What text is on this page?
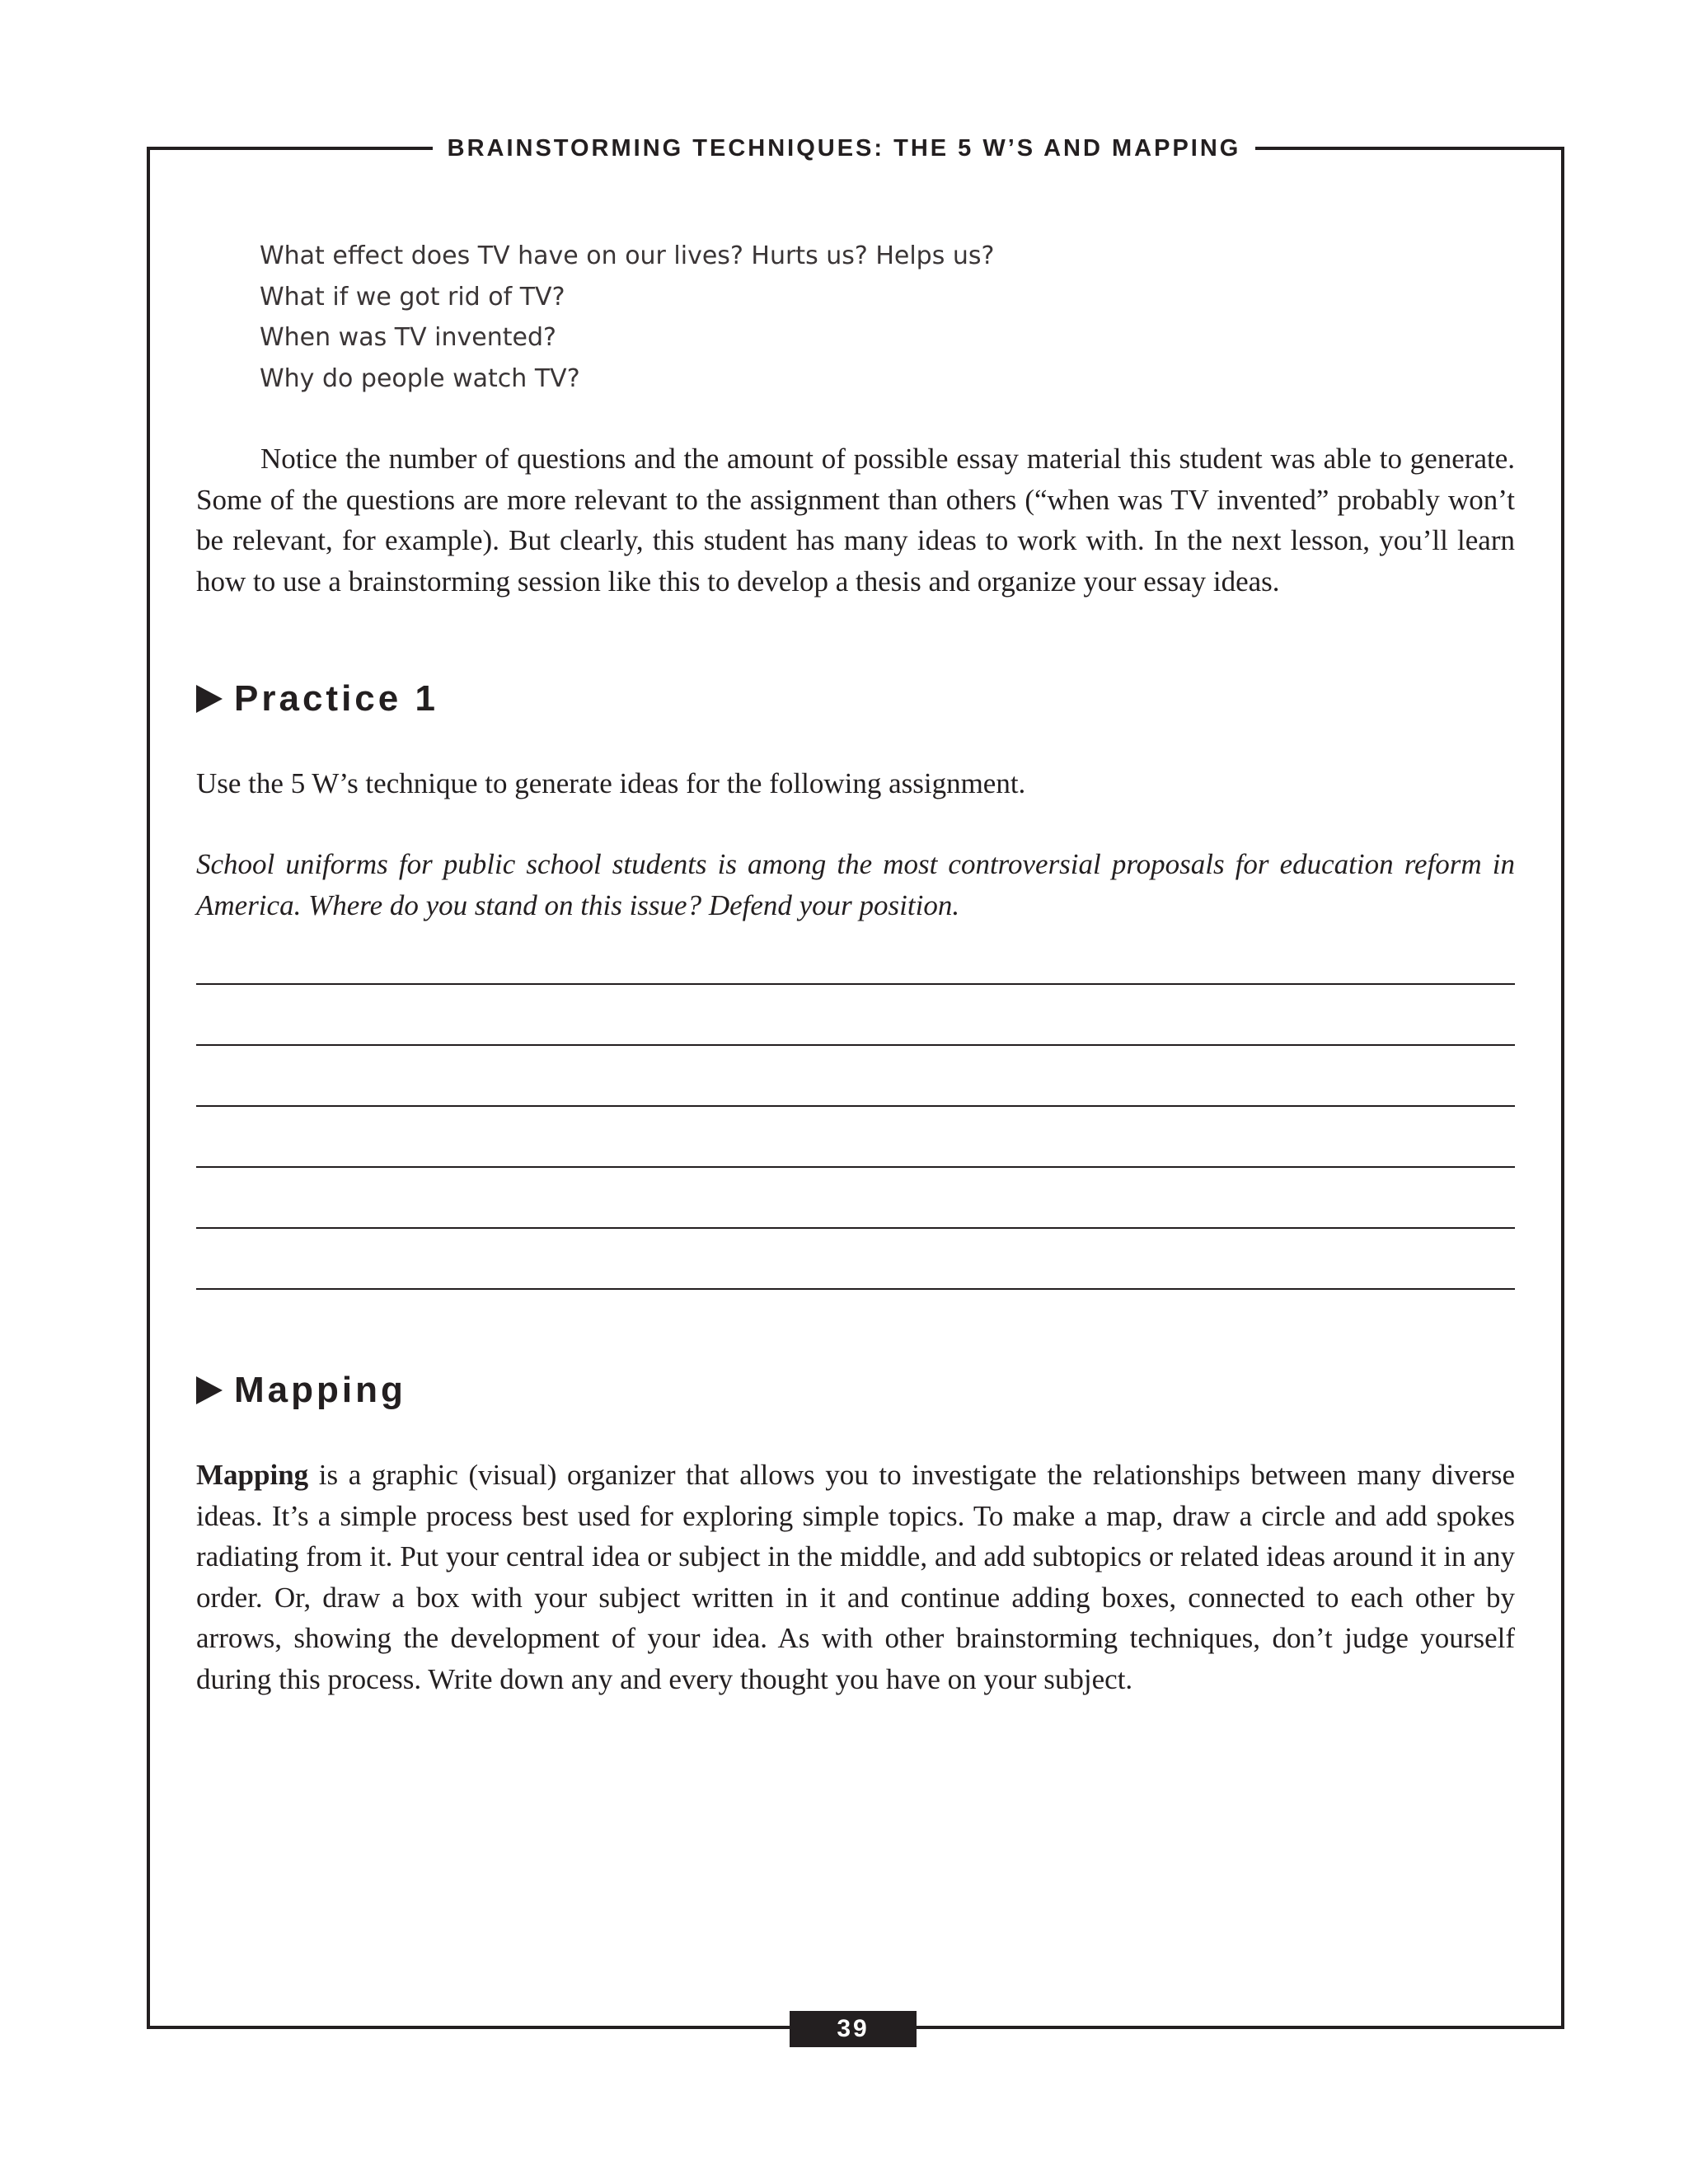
BRAINSTORMING TECHNIQUES: THE 5 W’S AND MAPPING
What effect does TV have on our lives? Hurts us? Helps us?
What if we got rid of TV?
When was TV invented?
Why do people watch TV?

Notice the number of questions and the amount of possible essay material this student was able to generate. Some of the questions are more relevant to the assignment than others (“when was TV invented” probably won’t be relevant, for example). But clearly, this student has many ideas to work with. In the next lesson, you’ll learn how to use a brainstorming session like this to develop a thesis and organize your essay ideas.

Practice 1

Use the 5 W’s technique to generate ideas for the following assignment.

School uniforms for public school students is among the most controversial proposals for education reform in America. Where do you stand on this issue? Defend your position.

Mapping

Mapping is a graphic (visual) organizer that allows you to investigate the relationships between many diverse ideas. It’s a simple process best used for exploring simple topics. To make a map, draw a circle and add spokes radiating from it. Put your central idea or subject in the middle, and add subtopics or related ideas around it in any order. Or, draw a box with your subject written in it and continue adding boxes, connected to each other by arrows, showing the development of your idea. As with other brainstorming techniques, don’t judge yourself during this process. Write down any and every thought you have on your subject.

39
